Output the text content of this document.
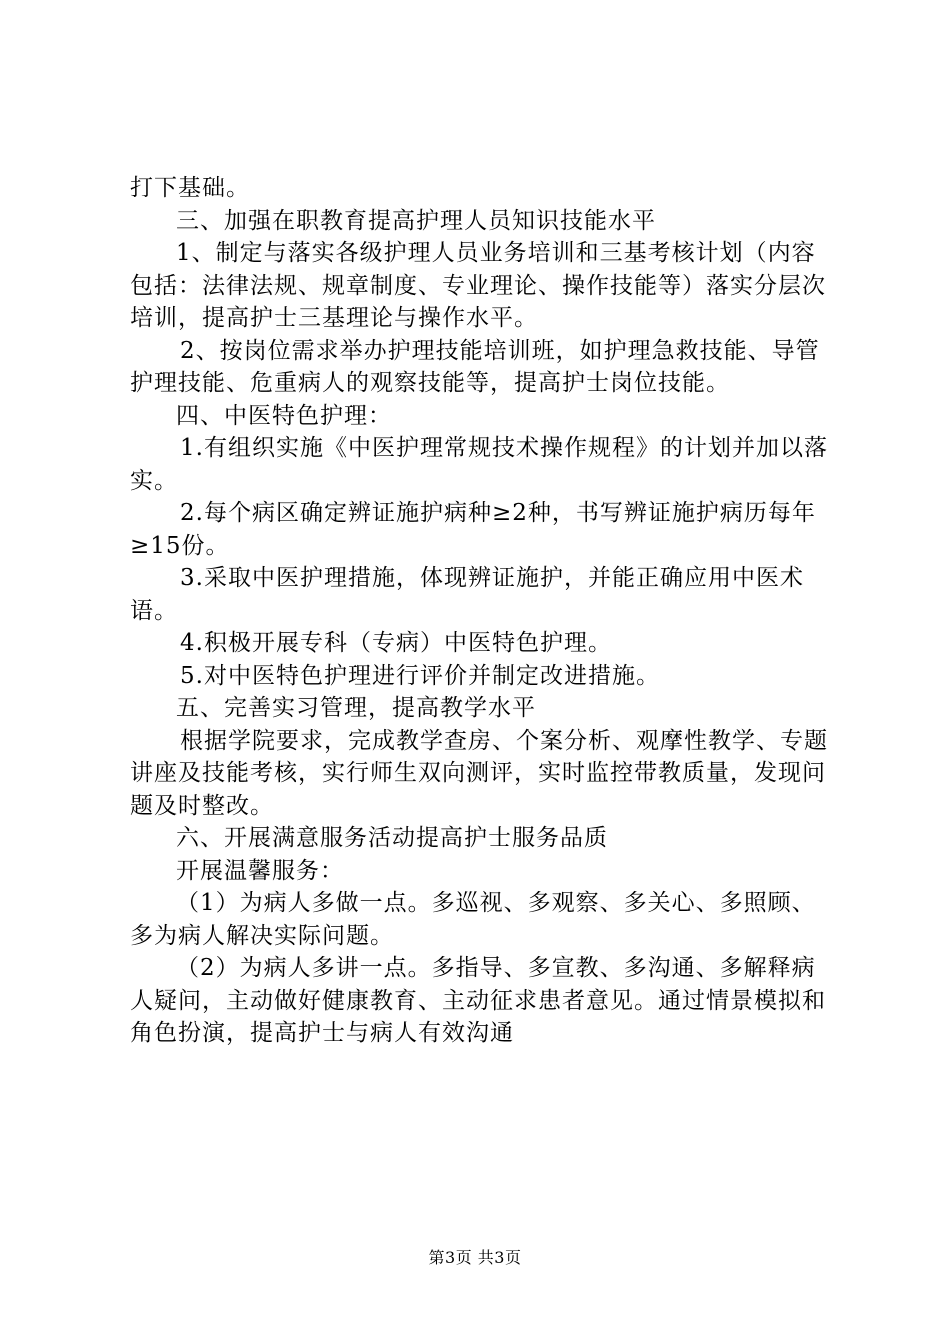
打下基础。

三、加强在职教育提高护理人员知识技能水平

1、制定与落实各级护理人员业务培训和三基考核计划（内容包括：法律法规、规章制度、专业理论、操作技能等）落实分层次培训，提高护士三基理论与操作水平。

2、按岗位需求举办护理技能培训班，如护理急救技能、导管护理技能、危重病人的观察技能等，提高护士岗位技能。

四、中医特色护理：

1.有组织实施《中医护理常规技术操作规程》的计划并加以落实。

2.每个病区确定辨证施护病种≥2种，书写辨证施护病历每年≥15份。

3.采取中医护理措施，体现辨证施护，并能正确应用中医术语。

4.积极开展专科（专病）中医特色护理。

5.对中医特色护理进行评价并制定改进措施。

五、完善实习管理，提高教学水平

根据学院要求，完成教学查房、个案分析、观摩性教学、专题讲座及技能考核，实行师生双向测评，实时监控带教质量，发现问题及时整改。

六、开展满意服务活动提高护士服务品质

开展温馨服务：

（1）为病人多做一点。多巡视、多观察、多关心、多照顾、多为病人解决实际问题。

（2）为病人多讲一点。多指导、多宣教、多沟通、多解释病人疑问，主动做好健康教育、主动征求患者意见。通过情景模拟和角色扮演，提高护士与病人有效沟通

第3页 共3页
